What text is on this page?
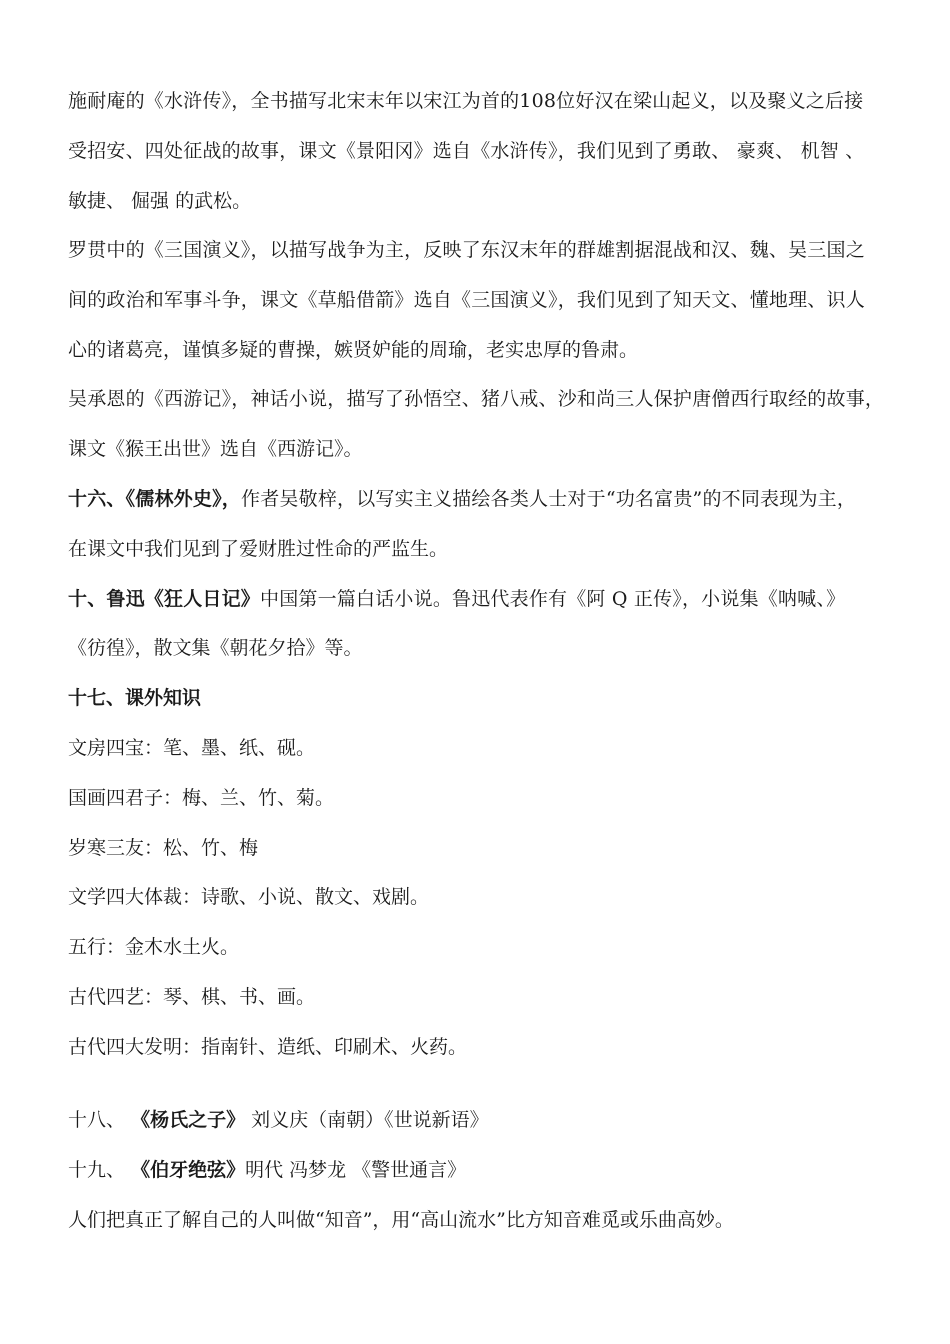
施耐庵的《水浒传》，全书描写北宋末年以宋江为首的108位好汉在梁山起义，以及聚义之后接
受招安、四处征战的故事，课文《景阳冈》选自《水浒传》，我们见到了勇敢、 豪爽、 机智 、
敏捷、 倔强 的武松。
罗贯中的《三国演义》，以描写战争为主，反映了东汉末年的群雄割据混战和汉、魏、吴三国之
间的政治和军事斗争，课文《草船借箭》选自《三国演义》，我们见到了知天文、懂地理、识人
心的诸葛亮，谨慎多疑的曹操，嫉贤妒能的周瑜，老实忠厚的鲁肃。
吴承恩的《西游记》，神话小说，描写了孙悟空、猪八戒、沙和尚三人保护唐僧西行取经的故事，
课文《猴王出世》选自《西游记》。
十六、《儒林外史》，作者吴敬梓，以写实主义描绘各类人士对于“功名富贵”的不同表现为主，
在课文中我们见到了爱财胜过性命的严监生。
十、鲁迅《狂人日记》中国第一篇白话小说。鲁迅代表作有《阿 Q 正传》，小说集《呐喊、》
《彷徨》，散文集《朝花夕拾》等。
十七、课外知识
文房四宝：笔、墨、纸、砚。
国画四君子：梅、兰、竹、菊。
岁寒三友：松、竹、梅
文学四大体裁：诗歌、小说、散文、戏剧。
五行：金木水土火。
古代四艺：琴、棋、书、画。
古代四大发明：指南针、造纸、印刷术、火药。
十八、 《杨氏之子》 刘义庆（南朝）《世说新语》
十九、 《伯牙绝弦》明代 冯梦龙 《警世通言》
人们把真正了解自己的人叫做“知音”，用“高山流水”比方知音难觅或乐曲高妙。
